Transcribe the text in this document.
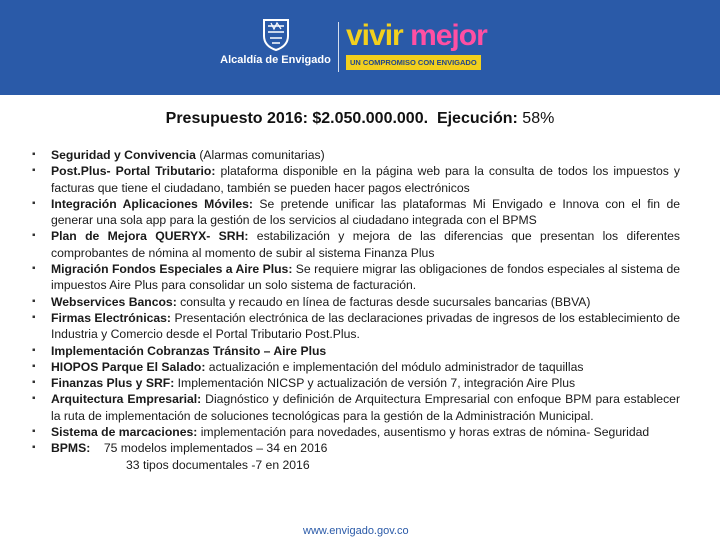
Alcaldía de Envigado
vivir mejor
UN COMPROMISO CON ENVIGADO
Presupuesto 2016: $2.050.000.000. Ejecución: 58%
▪	Seguridad y Convivencia (Alarmas comunitarias)
▪	Post.Plus- Portal Tributario: plataforma disponible en la página web para la consulta de todos los impuestos y facturas que tiene el ciudadano, también se pueden hacer pagos electrónicos
▪	Integración Aplicaciones Móviles: Se pretende unificar las plataformas Mi Envigado e Innova con el fin de generar una sola app para la gestión de los servicios al ciudadano integrada con el BPMS
▪	Plan de Mejora QUERYX- SRH: estabilización y mejora de las diferencias que presentan los diferentes comprobantes de nómina al momento de subir al sistema Finanza Plus
▪	Migración Fondos Especiales a Aire Plus: Se requiere migrar las obligaciones de fondos especiales al sistema de impuestos Aire Plus para consolidar un solo sistema de facturación.
▪	Webservices Bancos: consulta y recaudo en línea de facturas desde sucursales bancarias (BBVA)
▪	Firmas Electrónicas: Presentación electrónica de las declaraciones privadas de ingresos de los establecimiento de Industria y Comercio desde el Portal Tributario Post.Plus.
▪	Implementación Cobranzas Tránsito – Aire Plus
▪	HIOPOS Parque El Salado: actualización e implementación del módulo administrador de taquillas
▪	Finanzas Plus y SRF: Implementación NICSP y actualización de versión 7, integración Aire Plus
▪	Arquitectura Empresarial: Diagnóstico y definición de Arquitectura Empresarial con enfoque BPM para establecer la ruta de implementación de soluciones tecnológicas para la gestión de la Administración Municipal.
▪	Sistema de marcaciones: implementación para novedades, ausentismo y horas extras de nómina- Seguridad
▪	BPMS:    75 modelos implementados – 34 en 2016
33 tipos documentales -7 en 2016
www.envigado.gov.co
